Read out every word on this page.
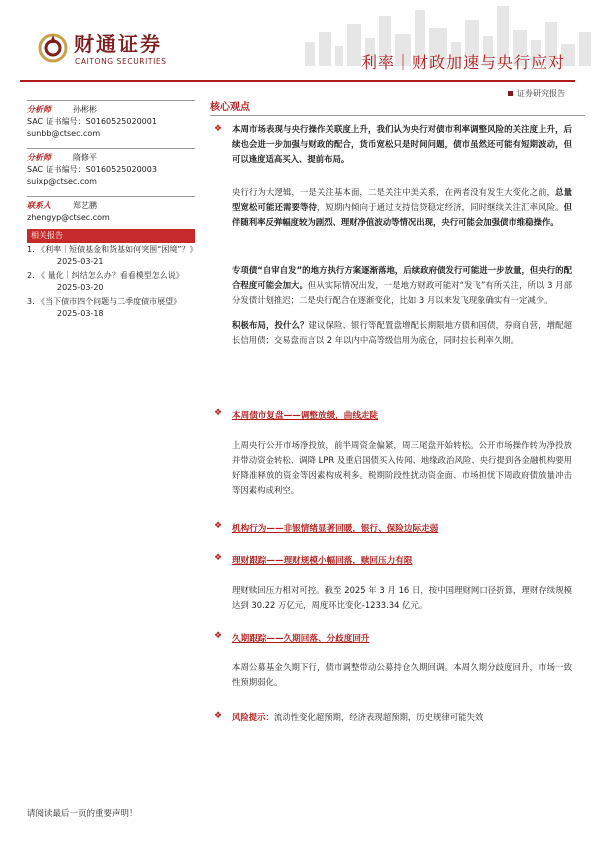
财通证券
CAITONG SECURITIES	利率｜财政加速与央行应对
证券研究报告
分析师	孙彬彬
SAC 证书编号：S0160525020001
sunbb@ctsec.com
分析师	隋修平
SAC 证书编号：S0160525020003
suixp@ctsec.com
联系人	郑艺鹏
zhengyp@ctsec.com
相关报告
1. 《利率｜短债基金和货基如何突围“困境”？》
2025-03-21
2. 《 量化｜纠结怎么办？看看模型怎么说》
2025-03-20
3. 《当下债市四个问题与二季度债市展望》
2025-03-18
核心观点
❖ 本周市场表现与央行操作关联度上升，我们认为央行对债市利率调整风险的关注度上升，后续也会进一步加强与财政的配合，货币宽松只是时间问题，债市虽然还可能有短期波动，但可以逢度适高买入、提前布局。
央行行为大逻辑，一是关注基本面，二是关注中美关系，在两者没有发生大变化之前，总量型宽松可能还需要等待，短期内倾向于通过支持信贷稳定经济，同时继续关注汇率风险。但伴随利率反弹幅度较为剧烈、理财净值波动等情况出现，央行可能会加强债市维稳操作。
专项债“自审自发”的地方执行方案逐渐落地，后续政府债发行可能进一步放量，但央行的配合程度可能会加大。但从实际情况出发，一是地方财政可能对“发飞”有所关注，所以 3 月部分发债计划推迟；二是央行配合在逐渐变化，比如 3 月以来发飞现象确实有一定减少。
积极布局，投什么？建议保险、银行等配置盘增配长期限地方债和国债，券商自营，增配超长信用债；交易盘而言以 2 年以内中高等级信用为底仓，同时拉长利率久期。
❖ 本周债市复盘——调整放缓，曲线走陡
上周央行公开市场净投放，前半周资金偏紧，周三尾盘开始转松。公开市场操作转为净投放并带动资金转松、调降 LPR 及重启国债买入传闻、地缘政治风险、央行提到各金融机构要用好降准释放的资金等因素构成利多。税期阶段性扰动资金面、市场担忧下周政府债放量冲击等因素构成利空。
❖ 机构行为——非银情绪显著回暖，银行、保险边际走弱
❖ 理财跟踪——理财规模小幅回落，赎回压力有限
理财赎回压力相对可控。截至 2025 年 3 月 16 日，按中国理财网口径折算，理财存续规模达到 30.22 万亿元，周度环比变化-1233.34 亿元。
❖ 久期跟踪——久期回落、分歧度回升
本周公募基金久期下行，债市调整带动公募持仓久期回调。本周久期分歧度回升，市场一致性预期弱化。
❖ 风险提示：流动性变化超预期，经济表现超预期，历史规律可能失效
请阅读最后一页的重要声明！
